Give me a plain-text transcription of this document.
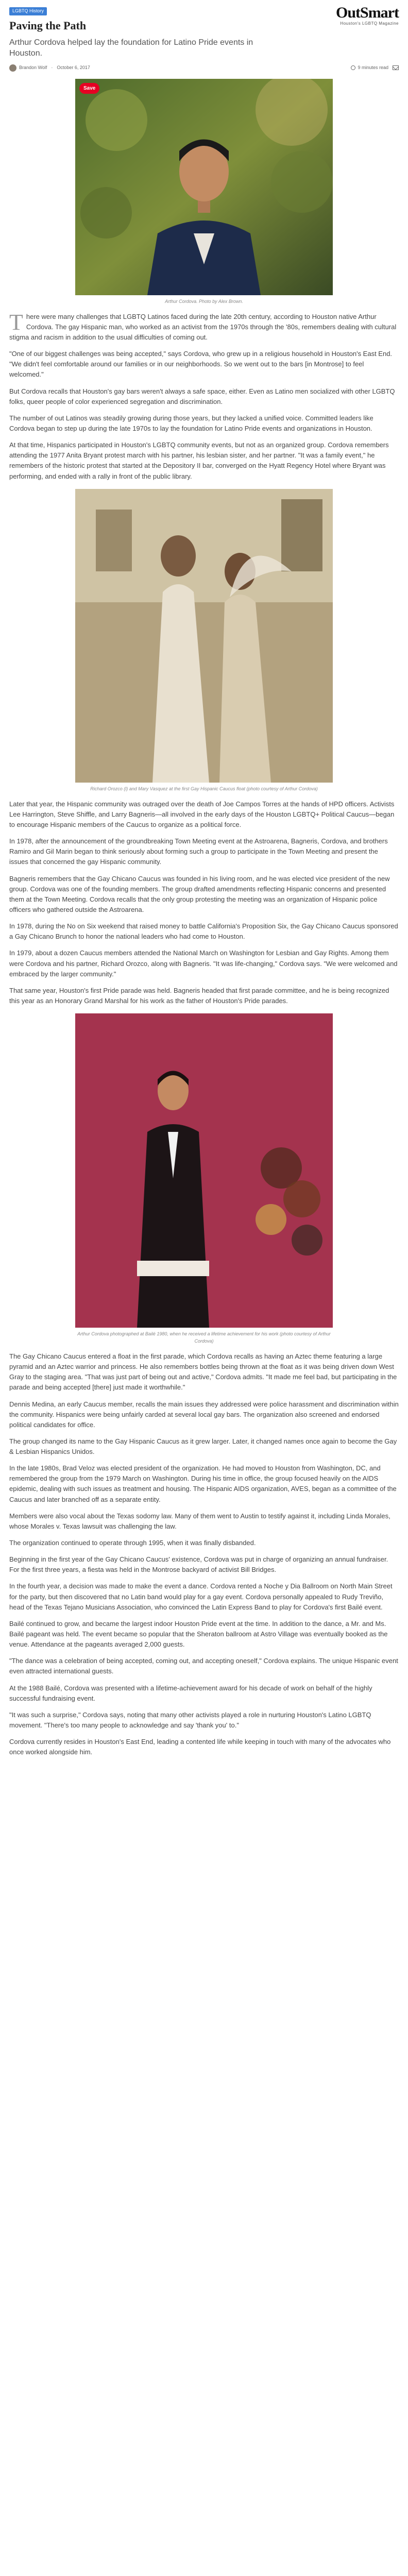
LGBTQ History
Paving the Path
OutSmart
Houston's LGBTQ Magazine
Arthur Cordova helped lay the foundation for Latino Pride events in Houston.
Brandon Wolf · October 6, 2017	9 minutes read
Save
Arthur Cordova. Photo by Alex Brown.

There were many challenges that LGBTQ Latinos faced during the late 20th century, according to Houston native Arthur Cordova. The gay Hispanic man, who worked as an activist from the 1970s through the '80s, remembers dealing with cultural stigma and racism in addition to the usual difficulties of coming out.

"One of our biggest challenges was being accepted," says Cordova, who grew up in a religious household in Houston's East End. "We didn't feel comfortable around our families or in our neighborhoods. So we went out to the bars [in Montrose] to feel welcomed."

But Cordova recalls that Houston's gay bars weren't always a safe space, either. Even as Latino men socialized with other LGBTQ folks, queer people of color experienced segregation and discrimination.

The number of out Latinos was steadily growing during those years, but they lacked a unified voice. Committed leaders like Cordova began to step up during the late 1970s to lay the foundation for Latino Pride events and organizations in Houston.

At that time, Hispanics participated in Houston's LGBTQ community events, but not as an organized group. Cordova remembers attending the 1977 Anita Bryant protest march with his partner, his lesbian sister, and her partner. "It was a family event," he remembers of the historic protest that started at the Depository II bar, converged on the Hyatt Regency Hotel where Bryant was performing, and ended with a rally in front of the public library.

Richard Orozco (l) and Mary Vasquez at the first Gay Hispanic Caucus float (photo courtesy of Arthur Cordova)

Later that year, the Hispanic community was outraged over the death of Joe Campos Torres at the hands of HPD officers. Activists Lee Harrington, Steve Shiffle, and Larry Bagneris—all involved in the early days of the Houston LGBTQ+ Political Caucus—began to encourage Hispanic members of the Caucus to organize as a political force.

In 1978, after the announcement of the groundbreaking Town Meeting event at the Astroarena, Bagneris, Cordova, and brothers Ramiro and Gil Marin began to think seriously about forming such a group to participate in the Town Meeting and present the issues that concerned the gay Hispanic community.

Bagneris remembers that the Gay Chicano Caucus was founded in his living room, and he was elected vice president of the new group. Cordova was one of the founding members. The group drafted amendments reflecting Hispanic concerns and presented them at the Town Meeting. Cordova recalls that the only group protesting the meeting was an organization of Hispanic police officers who gathered outside the Astroarena.

In 1978, during the No on Six weekend that raised money to battle California's Proposition Six, the Gay Chicano Caucus sponsored a Gay Chicano Brunch to honor the national leaders who had come to Houston.

In 1979, about a dozen Caucus members attended the National March on Washington for Lesbian and Gay Rights. Among them were Cordova and his partner, Richard Orozco, along with Bagneris. "It was life-changing," Cordova says. "We were welcomed and embraced by the larger community."

That same year, Houston's first Pride parade was held. Bagneris headed that first parade committee, and he is being recognized this year as an Honorary Grand Marshal for his work as the father of Houston's Pride parades.

Arthur Cordova photographed at Bailé 1980, when he received a lifetime achievement for his work (photo courtesy of Arthur Cordova)

The Gay Chicano Caucus entered a float in the first parade, which Cordova recalls as having an Aztec theme featuring a large pyramid and an Aztec warrior and princess. He also remembers bottles being thrown at the float as it was being driven down West Gray to the staging area. "That was just part of being out and active," Cordova admits. "It made me feel bad, but participating in the parade and being accepted [there] just made it worthwhile."

Dennis Medina, an early Caucus member, recalls the main issues they addressed were police harassment and discrimination within the community. Hispanics were being unfairly carded at several local gay bars. The organization also screened and endorsed political candidates for office.

The group changed its name to the Gay Hispanic Caucus as it grew larger. Later, it changed names once again to become the Gay & Lesbian Hispanics Unidos.

In the late 1980s, Brad Veloz was elected president of the organization. He had moved to Houston from Washington, DC, and remembered the group from the 1979 March on Washington. During his time in office, the group focused heavily on the AIDS epidemic, dealing with such issues as treatment and housing. The Hispanic AIDS organization, AVES, began as a committee of the Caucus and later branched off as a separate entity.

Members were also vocal about the Texas sodomy law. Many of them went to Austin to testify against it, including Linda Morales, whose Morales v. Texas lawsuit was challenging the law.

The organization continued to operate through 1995, when it was finally disbanded.

Beginning in the first year of the Gay Chicano Caucus' existence, Cordova was put in charge of organizing an annual fundraiser. For the first three years, a fiesta was held in the Montrose backyard of activist Bill Bridges.

In the fourth year, a decision was made to make the event a dance. Cordova rented a Noche y Dia Ballroom on North Main Street for the party, but then discovered that no Latin band would play for a gay event. Cordova personally appealed to Rudy Treviño, head of the Texas Tejano Musicians Association, who convinced the Latin Express Band to play for Cordova's first Bailé event.

Bailé continued to grow, and became the largest indoor Houston Pride event at the time. In addition to the dance, a Mr. and Ms. Bailé pageant was held. The event became so popular that the Sheraton ballroom at Astro Village was eventually booked as the venue. Attendance at the pageants averaged 2,000 guests.

"The dance was a celebration of being accepted, coming out, and accepting oneself," Cordova explains. The unique Hispanic event even attracted international guests.

At the 1988 Bailé, Cordova was presented with a lifetime-achievement award for his decade of work on behalf of the highly successful fundraising event.

"It was such a surprise," Cordova says, noting that many other activists played a role in nurturing Houston's Latino LGBTQ movement. "There's too many people to acknowledge and say 'thank you' to."

Cordova currently resides in Houston's East End, leading a contented life while keeping in touch with many of the advocates who once worked alongside him.
